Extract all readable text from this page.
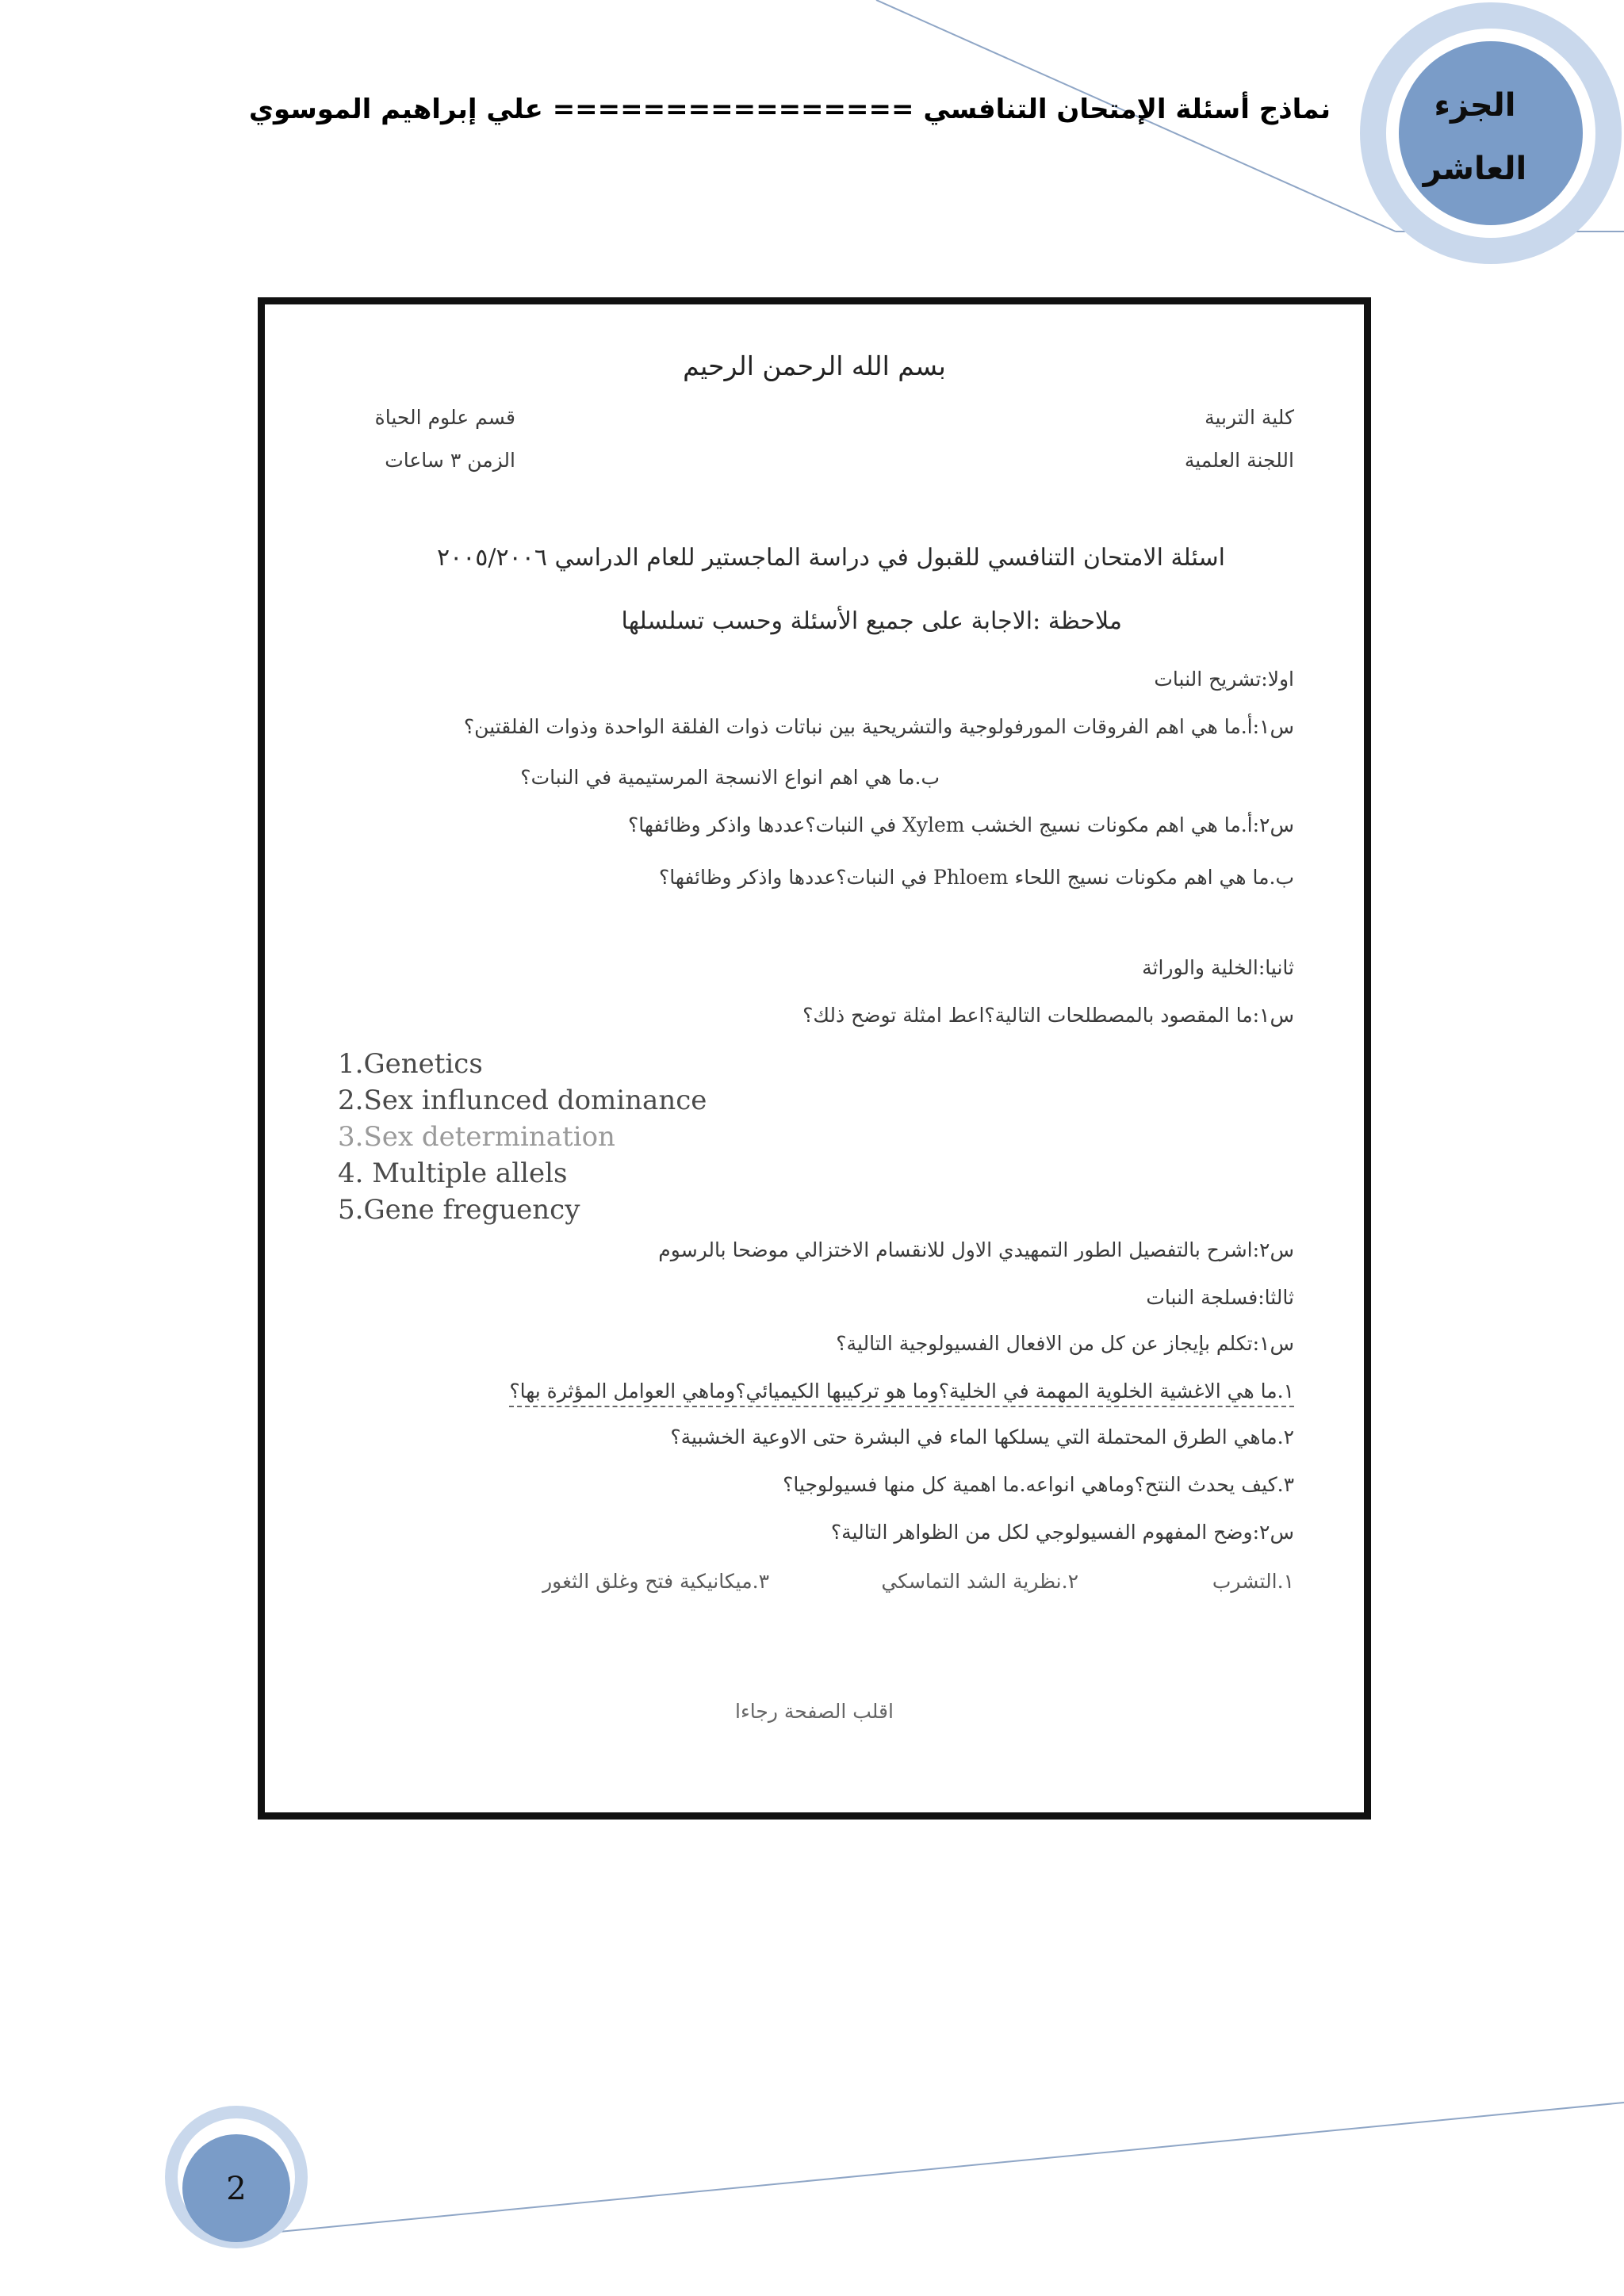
نماذج أسئلة الإمتحان التنافسي ================ علي إبراهيم الموسوي	الجزء
العاشر
2
بسم الله الرحمن الرحيم
كلية التربية
اللجنة العلمية
قسم علوم الحياة
الزمن ٣ ساعات
اسئلة الامتحان التنافسي للقبول في دراسة الماجستير للعام الدراسي ٢٠٠٥/٢٠٠٦
ملاحظة :الاجابة على جميع الأسئلة وحسب تسلسلها
اولا:تشريح النبات
س١:أ.ما هي اهم الفروقات المورفولوجية والتشريحية بين نباتات ذوات الفلقة الواحدة وذوات الفلقتين؟
ب.ما هي اهم انواع الانسجة المرستيمية في النبات؟
س٢:أ.ما هي اهم مكونات نسيج الخشب Xylem في النبات؟عددها واذكر وظائفها؟
ب.ما هي اهم مكونات نسيج اللحاء Phloem في النبات؟عددها واذكر وظائفها؟
ثانيا:الخلية والوراثة
س١:ما المقصود بالمصطلحات التالية؟اعط امثلة توضح ذلك؟
1.Genetics
2.Sex influnced dominance
3.Sex determination
4. Multiple allels
5.Gene freguency
س٢:اشرح بالتفصيل الطور التمهيدي الاول للانقسام الاختزالي موضحا بالرسوم
ثالثا:فسلجة النبات
س١:تكلم بإيجاز عن كل من الافعال الفسيولوجية التالية؟
١.ما هي الاغشية الخلوية المهمة في الخلية؟وما هو تركيبها الكيميائي؟وماهي العوامل المؤثرة بها؟
٢.ماهي الطرق المحتملة التي يسلكها الماء في البشرة حتى الاوعية الخشبية؟
٣.كيف يحدث النتح؟وماهي انواعه.ما اهمية كل منها فسيولوجيا؟
س٢:وضح المفهوم الفسيولوجي لكل من الظواهر التالية؟
١.التشرب
٢.نظرية الشد التماسكي
٣.ميكانيكية فتح وغلق الثغور
اقلب الصفحة رجاءا
